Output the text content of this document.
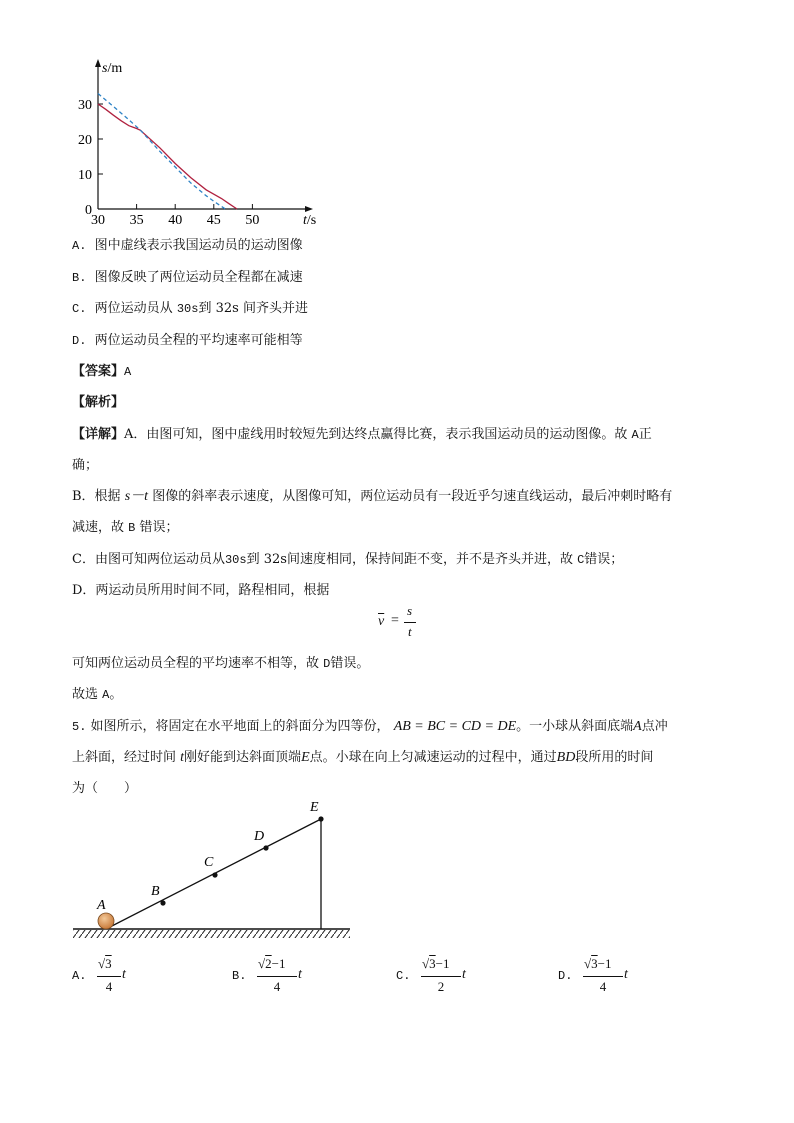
0
10
20
30
30 35 40 45 50
s/m
t/s
A. 图中虚线表示我国运动员的运动图像
B. 图像反映了两位运动员全程都在减速
C. 两位运动员从 30s到 32s 间齐头并进
D. 两位运动员全程的平均速率可能相等
【答案】A
【解析】
【详解】A．由图可知，图中虚线用时较短先到达终点赢得比赛，表示我国运动员的运动图像。故 A正
确；
B．根据 s－t 图像的斜率表示速度，从图像可知，两位运动员有一段近乎匀速直线运动，最后冲刺时略有
减速，故 B 错误；
C．由图可知两位运动员从30s到 32s间速度相同，保持间距不变，并不是齐头并进，故 C错误；
D．两运动员所用时间不同，路程相同，根据
$\overline{v}$ =
s
t
可知两位运动员全程的平均速率不相等，故 D错误。
故选 A。
5. 如图所示，将固定在水平地面上的斜面分为四等份， AB = BC = CD = DE。一小球从斜面底端A点冲
上斜面，经过时间 t刚好能到达斜面顶端E点。小球在向上匀减速运动的过程中，通过BD段所用的时间
为（　　）
A
B
C
D
E
A.
√3
4
t	B.
√2−1
4
t	C.
√3−1
2
t	D.
√3−1
4
t
